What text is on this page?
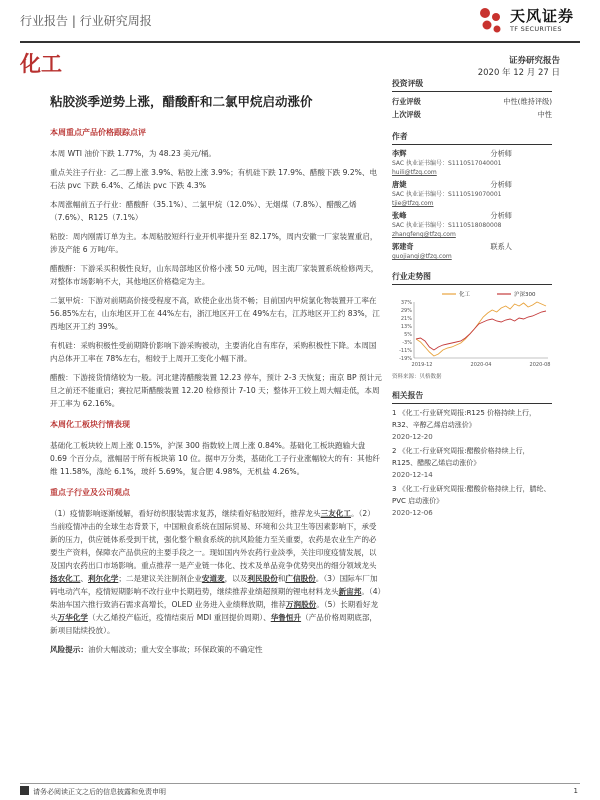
行业报告 | 行业研究周报	天风证券
TF SECURITIES
化工	证券研究报告
2020 年 12 月 27 日
粘胶淡季逆势上涨，醋酸酐和二氯甲烷启动涨价
本周重点产品价格跟踪点评

本周 WTI 油价下跌 1.77%，为 48.23 美元/桶。

重点关注子行业：乙二醇上涨 3.9%、粘胶上涨 3.9%；有机硅下跌 17.9%、醋酸下跌 9.2%、电石法 pvc 下跌 6.4%、乙烯法 pvc 下跌 4.3%

本周涨幅前五子行业：醋酸酐（35.1%）、二氯甲烷（12.0%）、无烟煤（7.8%）、醋酸乙烯（7.6%）、R125（7.1%）

粘胶：周内刚需订单为主。本周粘胶短纤行业开机率提升至 82.17%，周内安徽一厂家装置重启，涉及产能 6 万吨/年。

醋酸酐：下游采买积极性良好，山东局部地区价格小涨 50 元/吨，因主流厂家装置系统检修两天，对整体市场影响不大，其他地区价格稳定为主。

二氯甲烷：下游对前期高价接受程度不高，欧使企业出货不畅；目前国内甲烷氯化物装置开工率在 56.85%左右，山东地区开工在 44%左右，浙江地区开工在 49%左右，江苏地区开工约 83%，江西地区开工约 39%。

有机硅：采购积极性受前期降价影响下游采购被动，主要消化自有库存，采购积极性下降。本周国内总体开工率在 78%左右，相较于上周开工变化小幅下滑。

醋酸：下游接货情绪较为一般。河北建涛醋酸装置 12.23 停车，预计 2-3 天恢复；南京 BP 预计元旦之前还不能重启；赛拉尼斯醋酸装置 12.20 检修预计 7-10 天；整体开工较上周大幅走低，本周开工率为 62.16%。

本周化工板块行情表现

基础化工板块较上周上涨 0.15%，沪深 300 指数较上周上涨 0.84%。基础化工板块跑输大盘 0.69 个百分点，涨幅居于所有板块第 10 位。据申万分类，基础化工子行业涨幅较大的有：其他纤维 11.58%，涤纶 6.1%，玻纤 5.69%，复合肥 4.98%，无机盐 4.26%。

重点子行业及公司观点

（1）疫情影响逐渐缓解，看好纺织服装需求复苏，继续看好粘胶短纤，推荐龙头三友化工。（2）当前疫情冲击的全球生态背景下，中国粮食系统在国际贸易、环境和公共卫生等因素影响下，承受新的压力，供应链体系受到干扰，强化整个粮食系统的抗风险能力至关重要，农药是农业生产的必要生产资料，保障农产品供应的主要手段之一。现如国内外农药行业淡季，关注印度疫情发展，以及国内农药出口市场影响。重点推荐一是产业链一体化、技术及单品竞争优势突出的细分领域龙头扬农化工、利尔化学；二是建议关注制剂企业安道麦，以及利民股份和广信股份。（3）国际车厂加码电动汽车，疫情短期影响不改行业中长期趋势，继续推荐业绩超预期的锂电材料龙头新宙邦。（4）柴油车国六推行致消石需求高增长，OLED 业务进入业绩释放期，推荐万润股份。（5）长期看好龙头万华化学（大乙烯投产临近，疫情结束后 MDI 重回提价周期）、华鲁恒升（产品价格周期底部，新项目陆续投放）。

风险提示：油价大幅波动；重大安全事故；环保政策的不确定性

投资评级
行业评级	中性(维持评级)
上次评级	中性
作者
李辉	分析师
SAC 执业证书编号：S1110517040001
huili@tfzq.com
唐婕	分析师
SAC 执业证书编号：S1110519070001
tjie@tfzq.com
张峰	分析师
SAC 执业证书编号：S1110518080008
zhangfeng@tfzq.com
郭建奇	联系人
guojianqi@tfzq.com
行业走势图
37%
29%
21%
13%
5%
-3%
-11%
-19%
2019-12	2020-04	2020-08
化工	沪深300
资料来源：贝格数据
相关报告
1 《化工-行业研究周报:R125 价格持续上行，R32、辛醇乙烯启动涨价》
2020-12-20
2 《化工-行业研究周报:醋酸价格持续上行，R125、醋酸乙烯启动涨价》
2020-12-14
3 《化工-行业研究周报:醋酸价格持续上行，腈纶、PVC 启动涨价》
2020-12-06
请务必阅读正文之后的信息披露和免责申明	1
